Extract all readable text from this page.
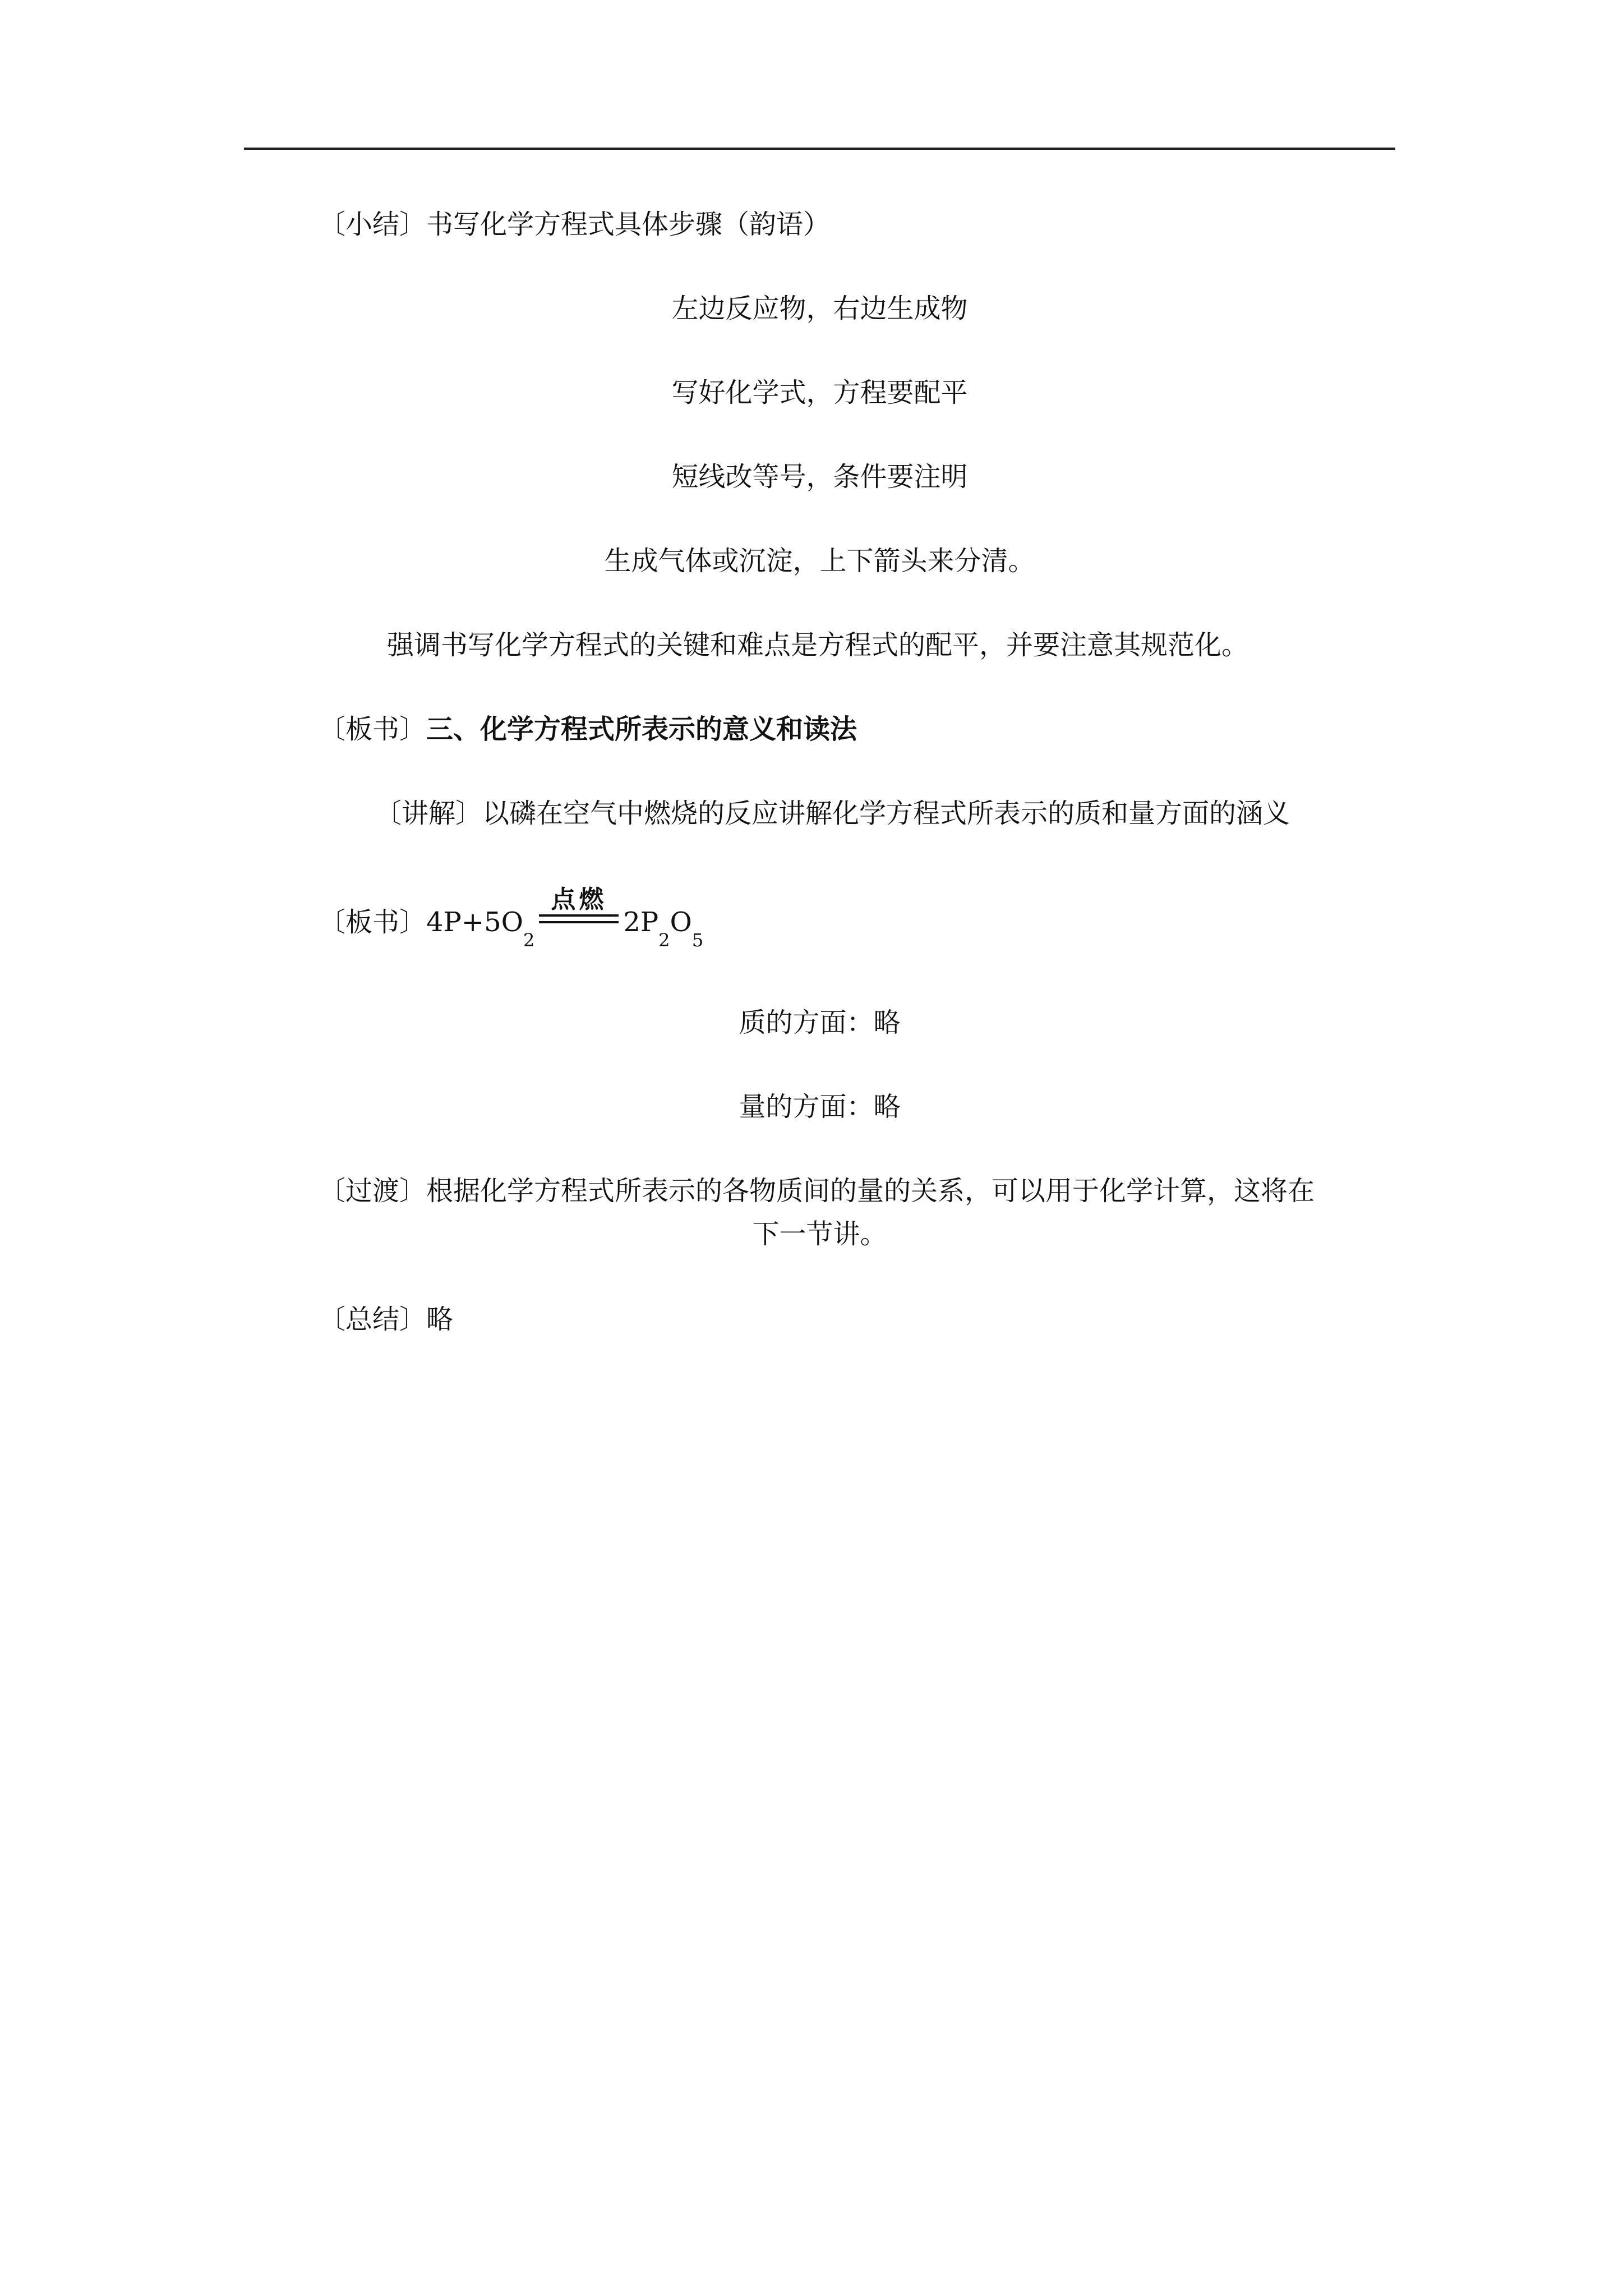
〔小结〕书写化学方程式具体步骤（韵语）
左边反应物，右边生成物
写好化学式，方程要配平
短线改等号，条件要注明
生成气体或沉淀，上下箭头来分清。
强调书写化学方程式的关键和难点是方程式的配平，并要注意其规范化。
〔板书〕三、化学方程式所表示的意义和读法
〔讲解〕以磷在空气中燃烧的反应讲解化学方程式所表示的质和量方面的涵义
〔板书〕 4P+5O
2
点燃
2P
2
O
5
质的方面：略
量的方面：略
〔过渡〕根据化学方程式所表示的各物质间的量的关系，可以用于化学计算，这将在
下一节讲。
〔总结〕略
